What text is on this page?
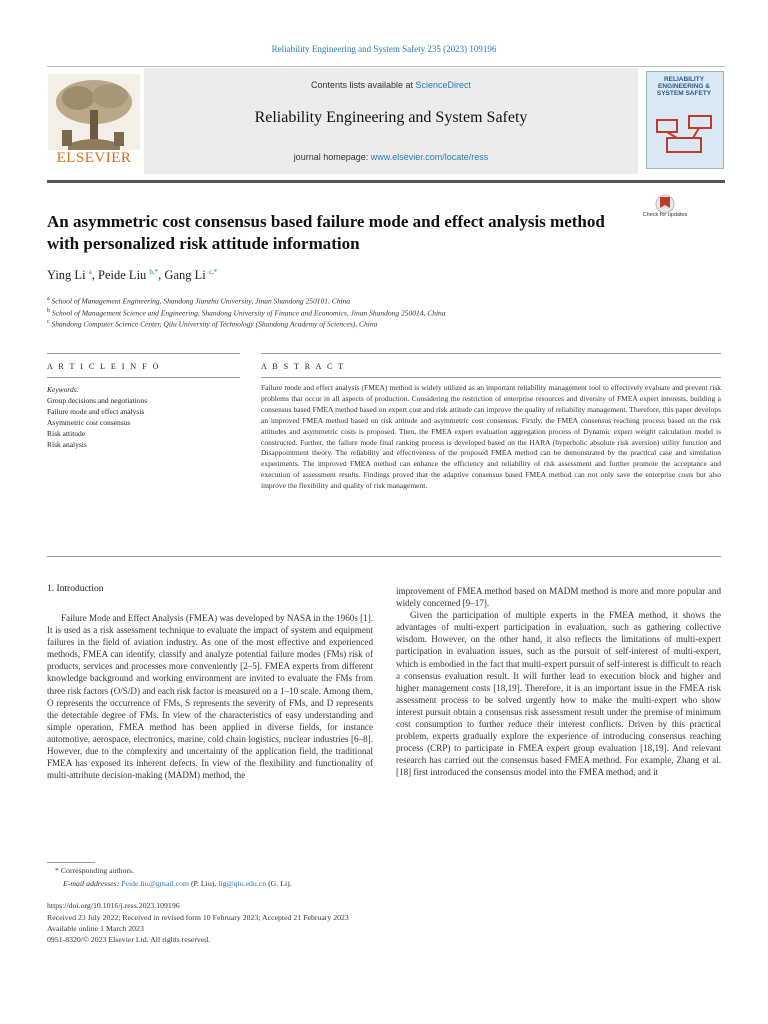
Reliability Engineering and System Safety 235 (2023) 109196
Contents lists available at ScienceDirect
Reliability Engineering and System Safety
journal homepage: www.elsevier.com/locate/ress
ELSEVIER
RELIABILITY ENGINEERING & SYSTEM SAFETY
Check for updates
An asymmetric cost consensus based failure mode and effect analysis method with personalized risk attitude information
Ying Li $^a$, Peide Liu $^{b,*}$, Gang Li $^{c,*}$
$^a$ School of Management Engineering, Shandong Jianzhu University, Jinan Shandong 250101, China
$^b$ School of Management Science and Engineering, Shandong University of Finance and Economics, Jinan Shandong 250014, China
$^c$ Shandong Computer Science Center, Qilu University of Technology (Shandong Academy of Sciences), China
A R T I C L E I N F O	A B S T R A C T
Keywords:
Group decisions and negotiations
Failure mode and effect analysis
Asymmetric cost consensus
Risk attitude
Risk analysis
Failure mode and effect analysis (FMEA) method is widely utilized as an important reliability management tool to effectively evaluate and prevent risk problems that occur in all aspects of production. Considering the restriction of enterprise resources and diversity of FMEA expert interests, building a consensus based FMEA method based on expert cost and risk attitude can improve the quality of reliability management. Therefore, this paper develops an improved FMEA method based on risk attitude and asymmetric cost consensus. Firstly, the FMEA consensus reaching process based on the risk attitudes and asymmetric costs is proposed. Then, the FMEA expert evaluation aggregation process of Dynamic expert weight calculation model is constructed. Further, the failure mode final ranking process is developed based on the HARA (hyperbolic absolute risk aversion) utility function and Disappointment theory. The reliability and effectiveness of the proposed FMEA method can be demonstrated by the practical case and simulation experiments. The improved FMEA method can enhance the efficiency and reliability of risk assessment and further promote the acceptance and execution of assessment results. Findings proved that the adaptive consensus based FMEA method can not only save the enterprise costs but also improve the flexibility and quality of risk management.
1. Introduction

Failure Mode and Effect Analysis (FMEA) was developed by NASA in the 1960s [1]. It is used as a risk assessment technique to evaluate the impact of system and equipment failures in the field of aviation industry. As one of the most effective and experienced methods, FMEA can identify, classify and analyze potential failure modes (FMs) risk of products, services and processes more conveniently [2–5]. FMEA experts from different knowledge background and working environment are invited to evaluate the FMs from three risk factors (O/S/D) and each risk factor is measured on a 1–10 scale. Among them, O represents the occurrence of FMs, S represents the severity of FMs, and D represents the detectable degree of FMs. In view of the characteristics of easy understanding and simple operation, FMEA method has been applied in diverse fields, for instance automotive, aerospace, electronics, marine, cold chain logistics, nuclear industries [6–8]. However, due to the complexity and uncertainty of the application field, the traditional FMEA has exposed its inherent defects. In view of the flexibility and functionality of multi-attribute decision-making (MADM) method, the

improvement of FMEA method based on MADM method is more and more popular and widely concerned [9–17].

Given the participation of multiple experts in the FMEA method, it shows the advantages of multi-expert participation in evaluation, such as gathering collective wisdom. However, on the other hand, it also reflects the limitations of multi-expert participation in evaluation issues, such as the pursuit of self-interest of multi-expert, which is embodied in the fact that multi-expert pursuit of self-interest is difficult to reach a consensus evaluation result. It will further lead to execution block and higher and higher management costs [18,19]. Therefore, it is an important issue in the FMEA risk assessment process to be solved urgently how to make the multi-expert who show interest pursuit obtain a consensus risk assessment result under the premise of minimum cost consumption to further reduce their interest conflicts. Driven by this practical problem, experts gradually explore the experience of introducing consensus reaching process (CRP) to participate in FMEA expert group evaluation [18,19]. And relevant research has carried out the consensus based FMEA method. For example, Zhang et al. [18] first introduced the consensus model into the FMEA method, and it

* Corresponding authors.
E-mail addresses: Peide.liu@gmail.com (P. Liu), lig@qlu.edu.cn (G. Li).
https://doi.org/10.1016/j.ress.2023.109196
Received 23 July 2022; Received in revised form 10 February 2023; Accepted 21 February 2023
Available online 1 March 2023
0951-8320/© 2023 Elsevier Ltd. All rights reserved.
